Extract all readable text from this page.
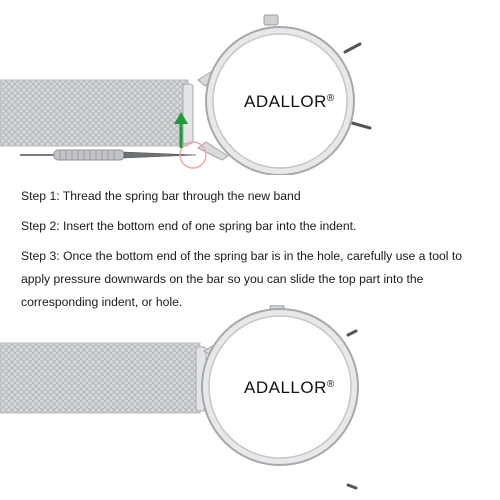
ADALLOR®

Step 1: Thread the spring bar through the new band

Step 2: Insert the bottom end of one spring bar into the indent.

Step 3: Once the bottom end of the spring bar is in the hole, carefully use a tool to apply pressure downwards on the bar so you can slide the top part into the corresponding indent, or hole.

ADALLOR®
